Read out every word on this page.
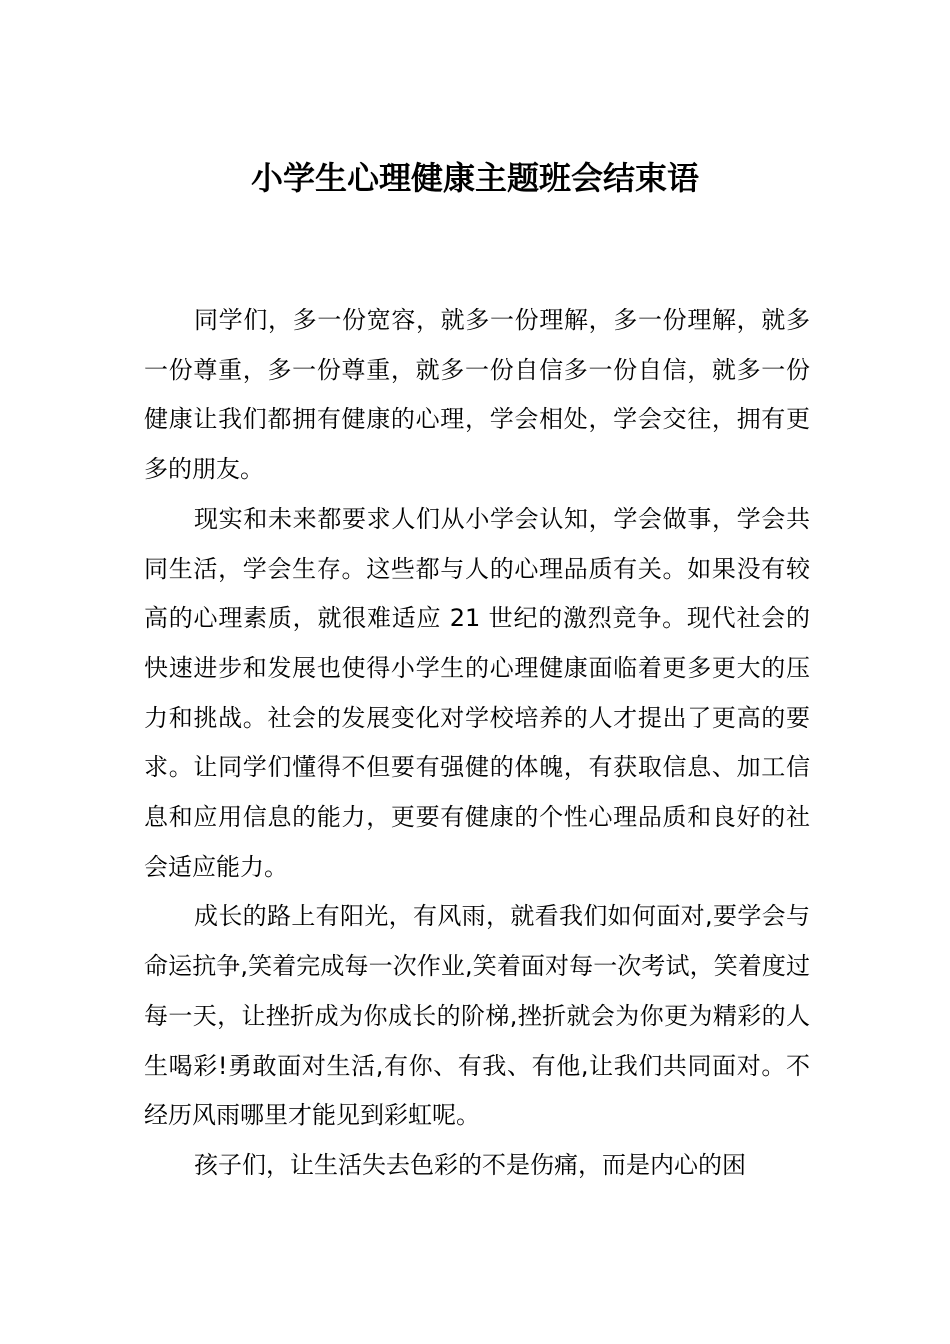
小学生心理健康主题班会结束语

同学们，多一份宽容，就多一份理解，多一份理解，就多一份尊重，多一份尊重，就多一份自信多一份自信，就多一份健康让我们都拥有健康的心理，学会相处，学会交往，拥有更多的朋友。

现实和未来都要求人们从小学会认知，学会做事，学会共同生活，学会生存。这些都与人的心理品质有关。如果没有较高的心理素质，就很难适应 21 世纪的激烈竞争。现代社会的快速进步和发展也使得小学生的心理健康面临着更多更大的压力和挑战。社会的发展变化对学校培养的人才提出了更高的要求。让同学们懂得不但要有强健的体魄，有获取信息、加工信息和应用信息的能力，更要有健康的个性心理品质和良好的社会适应能力。

成长的路上有阳光，有风雨，就看我们如何面对,要学会与命运抗争,笑着完成每一次作业,笑着面对每一次考试，笑着度过每一天，让挫折成为你成长的阶梯,挫折就会为你更为精彩的人生喝彩!勇敢面对生活,有你、有我、有他,让我们共同面对。不经历风雨哪里才能见到彩虹呢。

孩子们，让生活失去色彩的不是伤痛，而是内心的困
